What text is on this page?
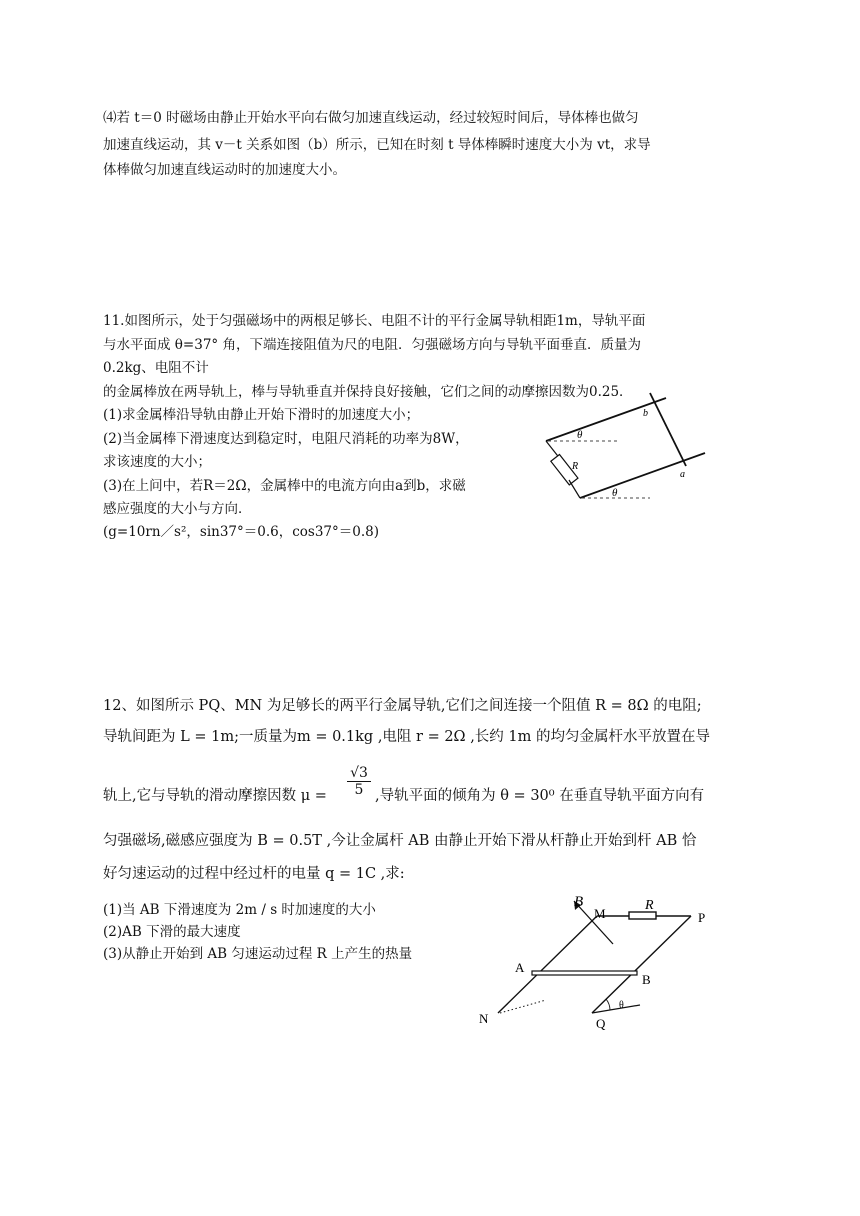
⑷若 t＝0 时磁场由静止开始水平向右做匀加速直线运动，经过较短时间后，导体棒也做匀
加速直线运动，其 v－t 关系如图（b）所示，已知在时刻 t 导体棒瞬时速度大小为 vt，求导
体棒做匀加速直线运动时的加速度大小。
11.如图所示，处于匀强磁场中的两根足够长、电阻不计的平行金属导轨相距1m，导轨平面
与水平面成 θ=37° 角，下端连接阻值为尺的电阻．匀强磁场方向与导轨平面垂直．质量为
0.2kg、电阻不计
的金属棒放在两导轨上，棒与导轨垂直并保持良好接触，它们之间的动摩擦因数为0.25．
(1)求金属棒沿导轨由静止开始下滑时的加速度大小；
(2)当金属棒下滑速度达到稳定时，电阻尺消耗的功率为8W，
求该速度的大小；
(3)在上问中，若R＝2Ω，金属棒中的电流方向由a到b，求磁
感应强度的大小与方向．
(g=10rn／s²，sin37°＝0.6，cos37°＝0.8)
θ
θ
R
b
a
12、如图所示 PQ、MN 为足够长的两平行金属导轨,它们之间连接一个阻值 R = 8Ω 的电阻;
导轨间距为 L = 1m;一质量为m = 0.1kg ,电阻 r = 2Ω ,长约 1m 的均匀金属杆水平放置在导
轨上,它与导轨的滑动摩擦因数 $\mu = \frac{√3}{5}$ ,导轨平面的倾角为 θ = 30⁰ 在垂直导轨平面方向有
匀强磁场,磁感应强度为 B = 0.5T ,今让金属杆 AB 由静止开始下滑从杆静止开始到杆 AB 恰
好匀速运动的过程中经过杆的电量 q = 1C ,求:
(1)当 AB 下滑速度为 2m / s 时加速度的大小
(2)AB 下滑的最大速度
(3)从静止开始到 AB 匀速运动过程 R 上产生的热量
B
M
R
P
A
B
N	Q
θ
